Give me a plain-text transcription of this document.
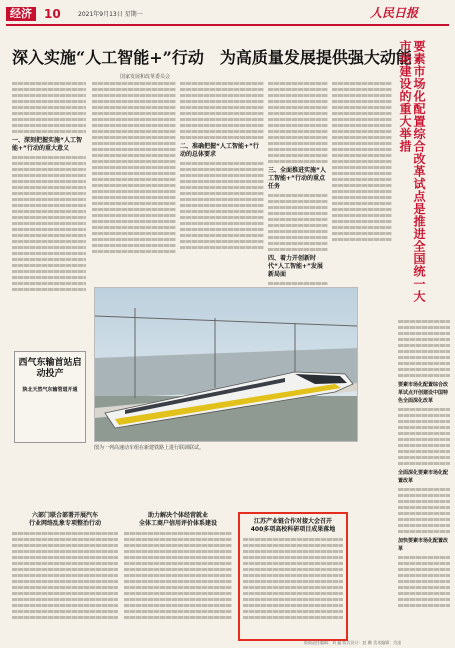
经济	10	2021年9月13日 星期一	人民日报
深入实施“人工智能+”行动　为高质量发展提供强大动能
国家发展和改革委员会
一、深刻把握实施“人工智能+”行动的重大意义	二、准确把握“人工智能+”行动的总体要求
三、全面推进实施“人工智能+”行动的重点任务
四、着力开创新时代“人工智能+”发展新局面
西气东输首站启动投产
陕北天然气东输管道开通
图为一列高速动车组在新建铁路上进行联调联试。
要素市场化配置综合改革试点是推进全国统一大市场建设的重大举措
要素市场化配置综合改革试点开创建设中国特色全面深化改革
全面深化要素市场化配置改革
加快要素市场化配置改革
六部门联合部署开展汽车
行业网络乱象专项整治行动
助力解决个体经营就业
全体工商户信用评价体系建设	江苏产业链合作对接大会召开
400多项高校科研项目成果落地
版面责任编辑：刘 鑫 版式设计：赵 鹏 美术编辑：肖凌
